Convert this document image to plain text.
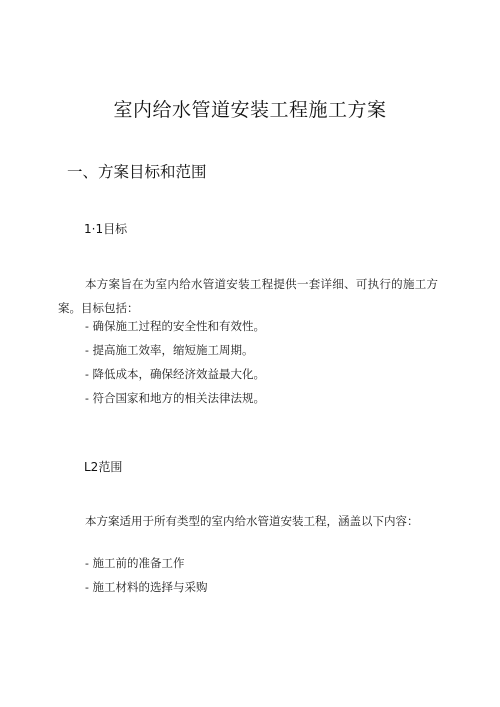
室内给水管道安装工程施工方案
一、方案目标和范围
1·1目标

本方案旨在为室内给水管道安装工程提供一套详细、可执行的施工方案。目标包括：

- 确保施工过程的安全性和有效性。
- 提高施工效率，缩短施工周期。
- 降低成本，确保经济效益最大化。
- 符合国家和地方的相关法律法规。
L2范围

本方案适用于所有类型的室内给水管道安装工程，涵盖以下内容：

- 施工前的准备工作
- 施工材料的选择与采购
